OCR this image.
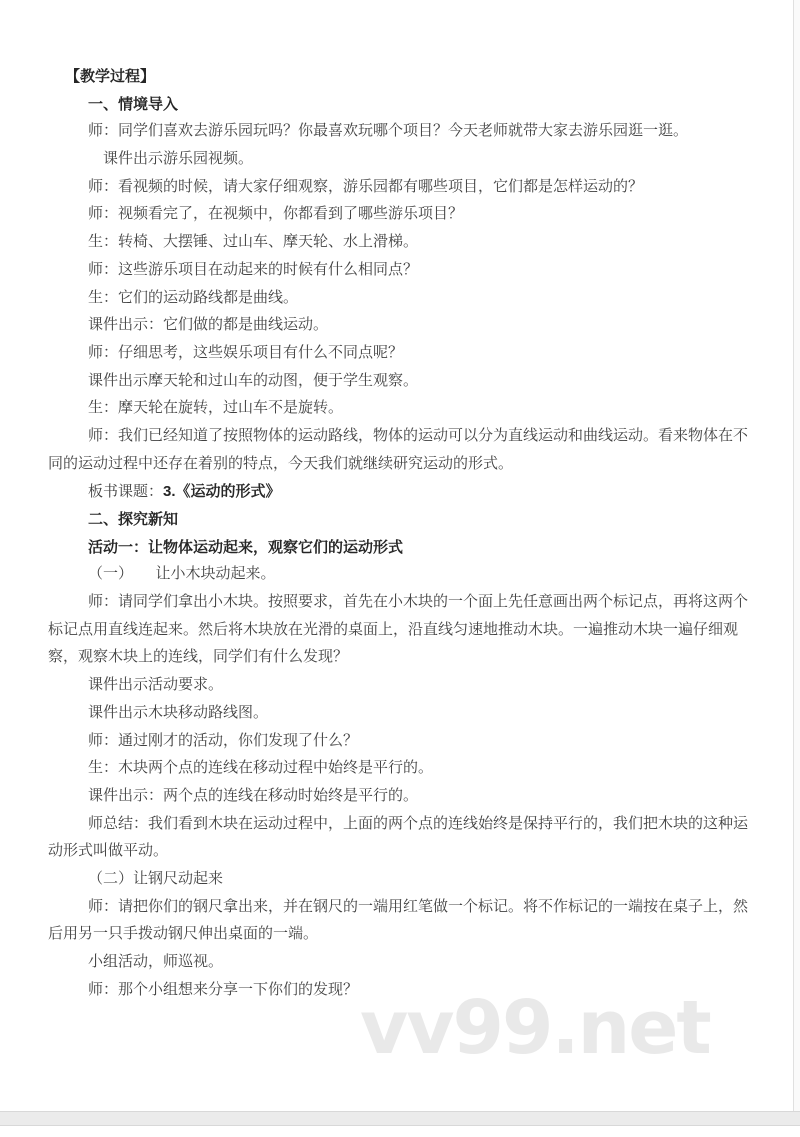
vv99.net
【教学过程】
一、情境导入
师：同学们喜欢去游乐园玩吗？你最喜欢玩哪个项目？今天老师就带大家去游乐园逛一逛。
课件出示游乐园视频。
师：看视频的时候，请大家仔细观察，游乐园都有哪些项目，它们都是怎样运动的？
师：视频看完了，在视频中，你都看到了哪些游乐项目？
生：转椅、大摆锤、过山车、摩天轮、水上滑梯。
师：这些游乐项目在动起来的时候有什么相同点？
生：它们的运动路线都是曲线。
课件出示：它们做的都是曲线运动。
师：仔细思考，这些娱乐项目有什么不同点呢？
课件出示摩天轮和过山车的动图，便于学生观察。
生：摩天轮在旋转，过山车不是旋转。
师：我们已经知道了按照物体的运动路线，物体的运动可以分为直线运动和曲线运动。看来物体在不
同的运动过程中还存在着别的特点，今天我们就继续研究运动的形式。
板书课题：3.《运动的形式》
二、探究新知
活动一：让物体运动起来，观察它们的运动形式
（一）　　让小木块动起来。
师：请同学们拿出小木块。按照要求，首先在小木块的一个面上先任意画出两个标记点，再将这两个
标记点用直线连起来。然后将木块放在光滑的桌面上，沿直线匀速地推动木块。一遍推动木块一遍仔细观
察，观察木块上的连线，同学们有什么发现？
课件出示活动要求。
课件出示木块移动路线图。
师：通过刚才的活动，你们发现了什么？
生：木块两个点的连线在移动过程中始终是平行的。
课件出示：两个点的连线在移动时始终是平行的。
师总结：我们看到木块在运动过程中，上面的两个点的连线始终是保持平行的，我们把木块的这种运
动形式叫做平动。
（二）让钢尺动起来
师：请把你们的钢尺拿出来，并在钢尺的一端用红笔做一个标记。将不作标记的一端按在桌子上，然
后用另一只手拨动钢尺伸出桌面的一端。
小组活动，师巡视。
师：那个小组想来分享一下你们的发现？
